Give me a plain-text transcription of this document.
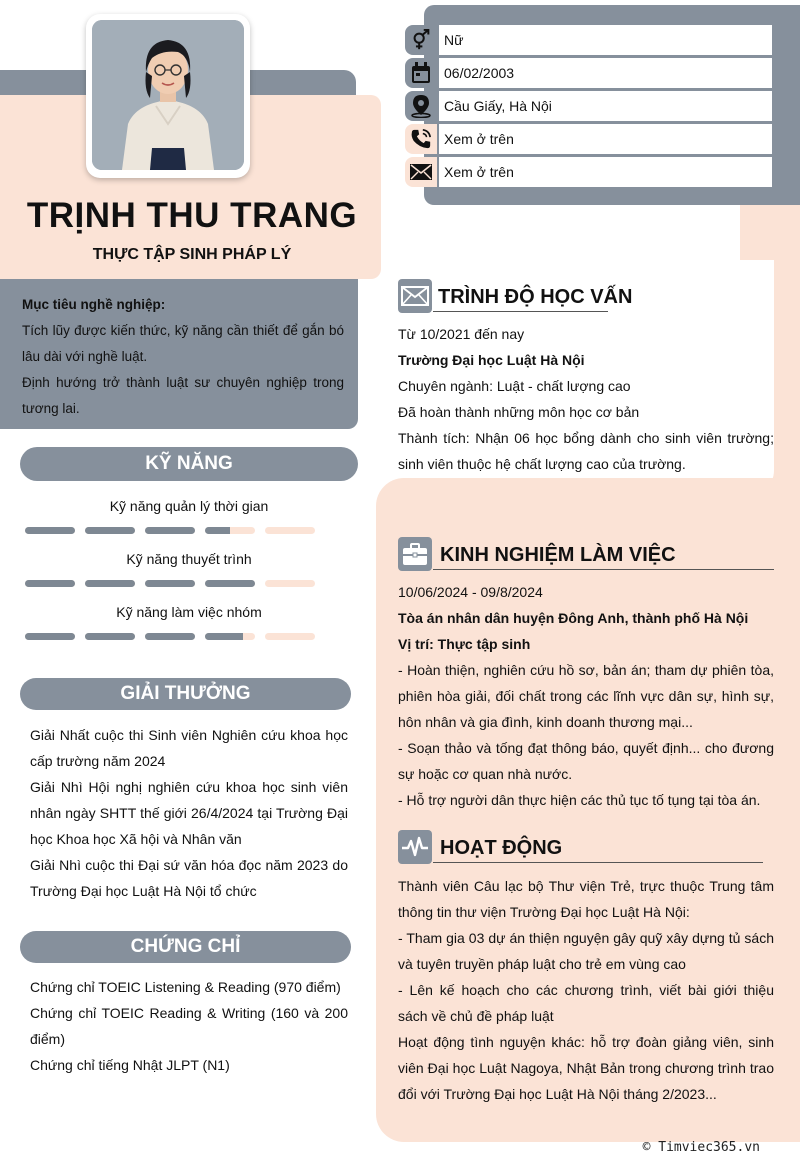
TRỊNH THU TRANG
THỰC TẬP SINH PHÁP LÝ
Mục tiêu nghề nghiệp:
Tích lũy được kiến thức, kỹ năng cần thiết để gắn bó lâu dài với nghề luật.
Định hướng trở thành luật sư chuyên nghiệp trong tương lai.
Nữ
06/02/2003
Cầu Giấy, Hà Nội
Xem ở trên
Xem ở trên
KỸ NĂNG
Kỹ năng quản lý thời gian
Kỹ năng thuyết trình
Kỹ năng làm việc nhóm
GIẢI THƯỞNG
Giải Nhất cuộc thi Sinh viên Nghiên cứu khoa học cấp trường năm 2024
Giải Nhì Hội nghị nghiên cứu khoa học sinh viên nhân ngày SHTT thế giới 26/4/2024 tại Trường Đại học Khoa học Xã hội và Nhân văn
Giải Nhì cuộc thi Đại sứ văn hóa đọc năm 2023 do Trường Đại học Luật Hà Nội tổ chức
CHỨNG CHỈ
Chứng chỉ TOEIC Listening & Reading (970 điểm)
Chứng chỉ TOEIC Reading & Writing (160 và 200 điểm)
Chứng chỉ tiếng Nhật JLPT (N1)
TRÌNH ĐỘ HỌC VẤN
Từ 10/2021 đến nay
Trường Đại học Luật Hà Nội
Chuyên ngành: Luật - chất lượng cao
Đã hoàn thành những môn học cơ bản
Thành tích: Nhận 06 học bổng dành cho sinh viên trường; sinh viên thuộc hệ chất lượng cao của trường.
KINH NGHIỆM LÀM VIỆC
10/06/2024 - 09/8/2024
Tòa án nhân dân huyện Đông Anh, thành phố Hà Nội
Vị trí: Thực tập sinh
- Hoàn thiện, nghiên cứu hồ sơ, bản án; tham dự phiên tòa, phiên hòa giải, đối chất trong các lĩnh vực dân sự, hình sự, hôn nhân và gia đình, kinh doanh thương mại...
- Soạn thảo và tống đạt thông báo, quyết định... cho đương sự hoặc cơ quan nhà nước.
- Hỗ trợ người dân thực hiện các thủ tục tố tụng tại tòa án.
HOẠT ĐỘNG
Thành viên Câu lạc bộ Thư viện Trẻ, trực thuộc Trung tâm thông tin thư viện Trường Đại học Luật Hà Nội:
- Tham gia 03 dự án thiện nguyện gây quỹ xây dựng tủ sách và tuyên truyền pháp luật cho trẻ em vùng cao
- Lên kế hoạch cho các chương trình, viết bài giới thiệu sách về chủ đề pháp luật
Hoạt động tình nguyện khác: hỗ trợ đoàn giảng viên, sinh viên Đại học Luật Nagoya, Nhật Bản trong chương trình trao đổi với Trường Đại học Luật Hà Nội tháng 2/2023...
© Timviec365.vn
